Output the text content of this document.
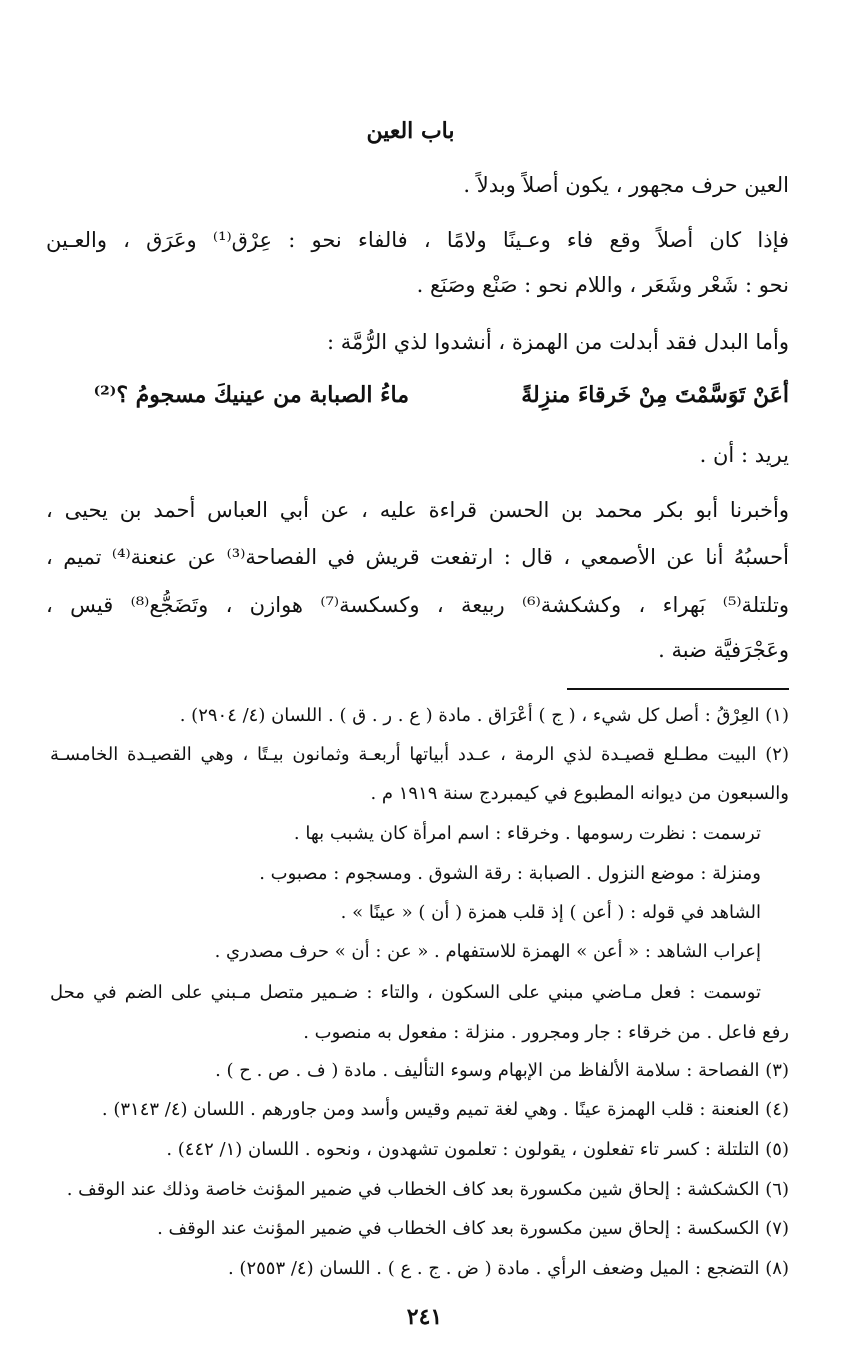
باب العين
العين حرف مجهور ، يكون أصلاً وبدلاً .
فإذا كان أصلاً وقع فاء وعـينًا ولامًا ، فالفاء نحو : عِرْق⁽¹⁾ وعَرَق ، والعـين
نحو : شَعْر وشَعَر ، واللام نحو : صَنْع وصَنَع .
وأما البدل فقد أبدلت من الهمزة ، أنشدوا لذي الرُّمَّة :
أعَنْ تَوَسَّمْتَ مِنْ خَرقاءَ منزِلةً
ماءُ الصبابة من عينيكَ مسجومُ ؟⁽²⁾
يريد : أن .
وأخبرنا أبو بكر محمد بن الحسن قراءة عليه ، عن أبي العباس أحمد بن يحيى ،
أحسبُهُ أنا عن الأصمعي ، قال : ارتفعت قريش في الفصاحة⁽³⁾ عن عنعنة⁽⁴⁾ تميم ،
وتلتلة⁽⁵⁾ بَهراء ، وكشكشة⁽⁶⁾ ربيعة ، وكسكسة⁽⁷⁾ هوازن ، وتَضَجُّع⁽⁸⁾ قيس ،
وعَجْرَفيَّة ضبة .
(١) العِرْقُ : أصل كل شيء ، ( ج ) أعْرَاق . مادة ( ع . ر . ق ) . اللسان (٤/ ٢٩٠٤) .
(٢) البيت مطـلع قصيـدة لذي الرمة ، عـدد أبياتها أربعـة وثمانون بيـتًا ، وهي القصيـدة الخامسـة
والسبعون من ديوانه المطبوع في كيمبردج سنة ١٩١٩ م .
ترسمت : نظرت رسومها . وخرقاء : اسم امرأة كان يشبب بها .
ومنزلة : موضع النزول . الصبابة : رقة الشوق . ومسجوم : مصبوب .
الشاهد في قوله : ( أعن ) إذ قلب همزة ( أن ) « عينًا » .
إعراب الشاهد : « أعن » الهمزة للاستفهام . « عن : أن » حرف مصدري .
توسمت : فعل مـاضي مبني على السكون ، والتاء : ضـمير متصل مـبني على الضم في محل
رفع فاعل . من خرقاء : جار ومجرور . منزلة : مفعول به منصوب .
(٣) الفصاحة : سلامة الألفاظ من الإبهام وسوء التأليف . مادة ( ف . ص . ح ) .
(٤) العنعنة : قلب الهمزة عينًا . وهي لغة تميم وقيس وأسد ومن جاورهم . اللسان (٤/ ٣١٤٣) .
(٥) التلتلة : كسر تاء تفعلون ، يقولون : تعلمون تشهدون ، ونحوه . اللسان (١/ ٤٤٢) .
(٦) الكشكشة : إلحاق شين مكسورة بعد كاف الخطاب في ضمير المؤنث خاصة وذلك عند الوقف .
(٧) الكسكسة : إلحاق سين مكسورة بعد كاف الخطاب في ضمير المؤنث عند الوقف .
(٨) التضجع : الميل وضعف الرأي . مادة ( ض . ج . ع ) . اللسان (٤/ ٢٥٥٣) .
٢٤١
